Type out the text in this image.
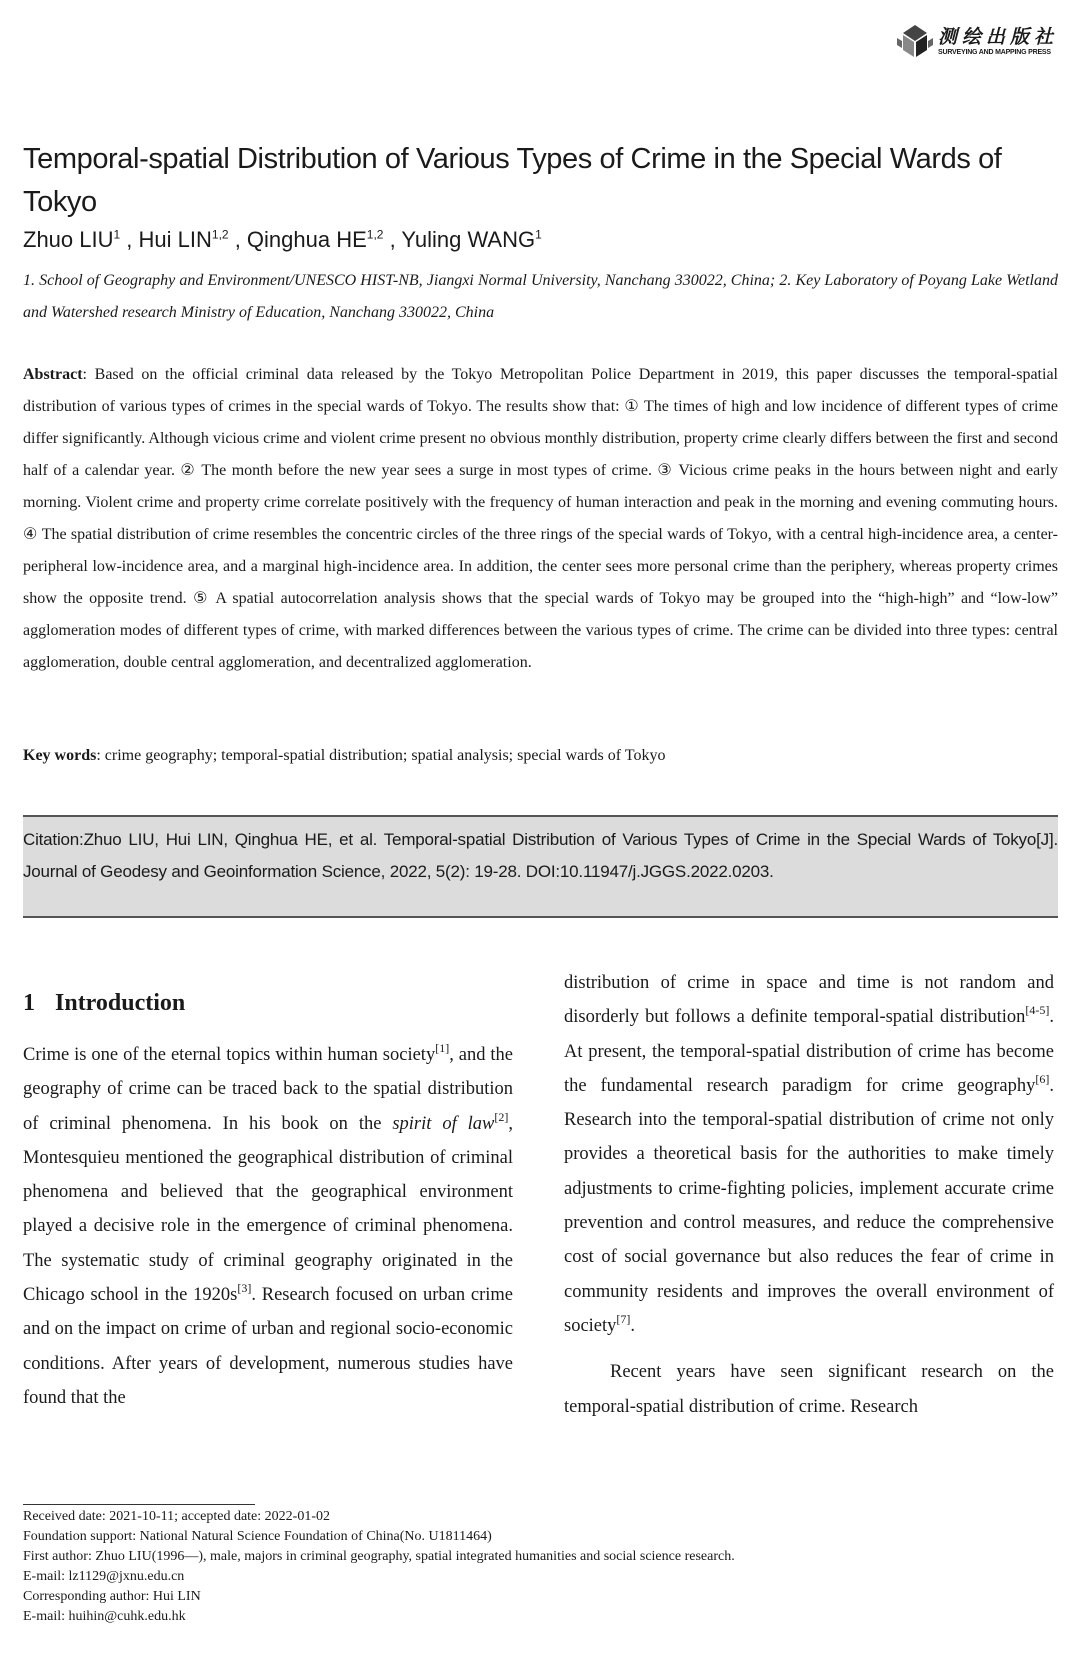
测绘出版社
SURVEYING AND MAPPING PRESS
Temporal-spatial Distribution of Various Types of Crime in the Special Wards of Tokyo
Zhuo LIU$^1$ , Hui LIN$^{1,2}$ , Qinghua HE$^{1,2}$ , Yuling WANG$^1$
1. School of Geography and Environment/UNESCO HIST-NB, Jiangxi Normal University, Nanchang 330022, China; 2. Key Laboratory of Poyang Lake Wetland and Watershed research Ministry of Education, Nanchang 330022, China
Abstract: Based on the official criminal data released by the Tokyo Metropolitan Police Department in 2019, this paper discusses the temporal-spatial distribution of various types of crimes in the special wards of Tokyo. The results show that: ① The times of high and low incidence of different types of crime differ significantly. Although vicious crime and violent crime present no obvious monthly distribution, property crime clearly differs between the first and second half of a calendar year. ② The month before the new year sees a surge in most types of crime. ③ Vicious crime peaks in the hours between night and early morning. Violent crime and property crime correlate positively with the frequency of human interaction and peak in the morning and evening commuting hours. ④ The spatial distribution of crime resembles the concentric circles of the three rings of the special wards of Tokyo, with a central high-incidence area, a center-peripheral low-incidence area, and a marginal high-incidence area. In addition, the center sees more personal crime than the periphery, whereas property crimes show the opposite trend. ⑤ A spatial autocorrelation analysis shows that the special wards of Tokyo may be grouped into the “high-high” and “low-low” agglomeration modes of different types of crime, with marked differences between the various types of crime. The crime can be divided into three types: central agglomeration, double central agglomeration, and decentralized agglomeration.
Key words: crime geography; temporal-spatial distribution; spatial analysis; special wards of Tokyo
Citation:Zhuo LIU, Hui LIN, Qinghua HE, et al. Temporal-spatial Distribution of Various Types of Crime in the Special Wards of Tokyo[J]. Journal of Geodesy and Geoinformation Science, 2022, 5(2): 19-28. DOI:10.11947/j.JGGS.2022.0203.
1 Introduction

Crime is one of the eternal topics within human society[1], and the geography of crime can be traced back to the spatial distribution of criminal phenomena. In his book on the spirit of law[2], Montesquieu mentioned the geographical distribution of criminal phenomena and believed that the geographical environment played a decisive role in the emergence of criminal phenomena. The systematic study of criminal geography originated in the Chicago school in the 1920s[3]. Research focused on urban crime and on the impact on crime of urban and regional socio-economic conditions. After years of development, numerous studies have found that the

distribution of crime in space and time is not random and disorderly but follows a definite temporal-spatial distribution[4-5]. At present, the temporal-spatial distribution of crime has become the fundamental research paradigm for crime geography[6]. Research into the temporal-spatial distribution of crime not only provides a theoretical basis for the authorities to make timely adjustments to crime-fighting policies, implement accurate crime prevention and control measures, and reduce the comprehensive cost of social governance but also reduces the fear of crime in community residents and improves the overall environment of society[7].

Recent years have seen significant research on the temporal-spatial distribution of crime. Research

Received date: 2021-10-11; accepted date: 2022-01-02
Foundation support: National Natural Science Foundation of China(No. U1811464)
First author: Zhuo LIU(1996—), male, majors in criminal geography, spatial integrated humanities and social science research.
E-mail: lz1129@jxnu.edu.cn
Corresponding author: Hui LIN
E-mail: huihin@cuhk.edu.hk
